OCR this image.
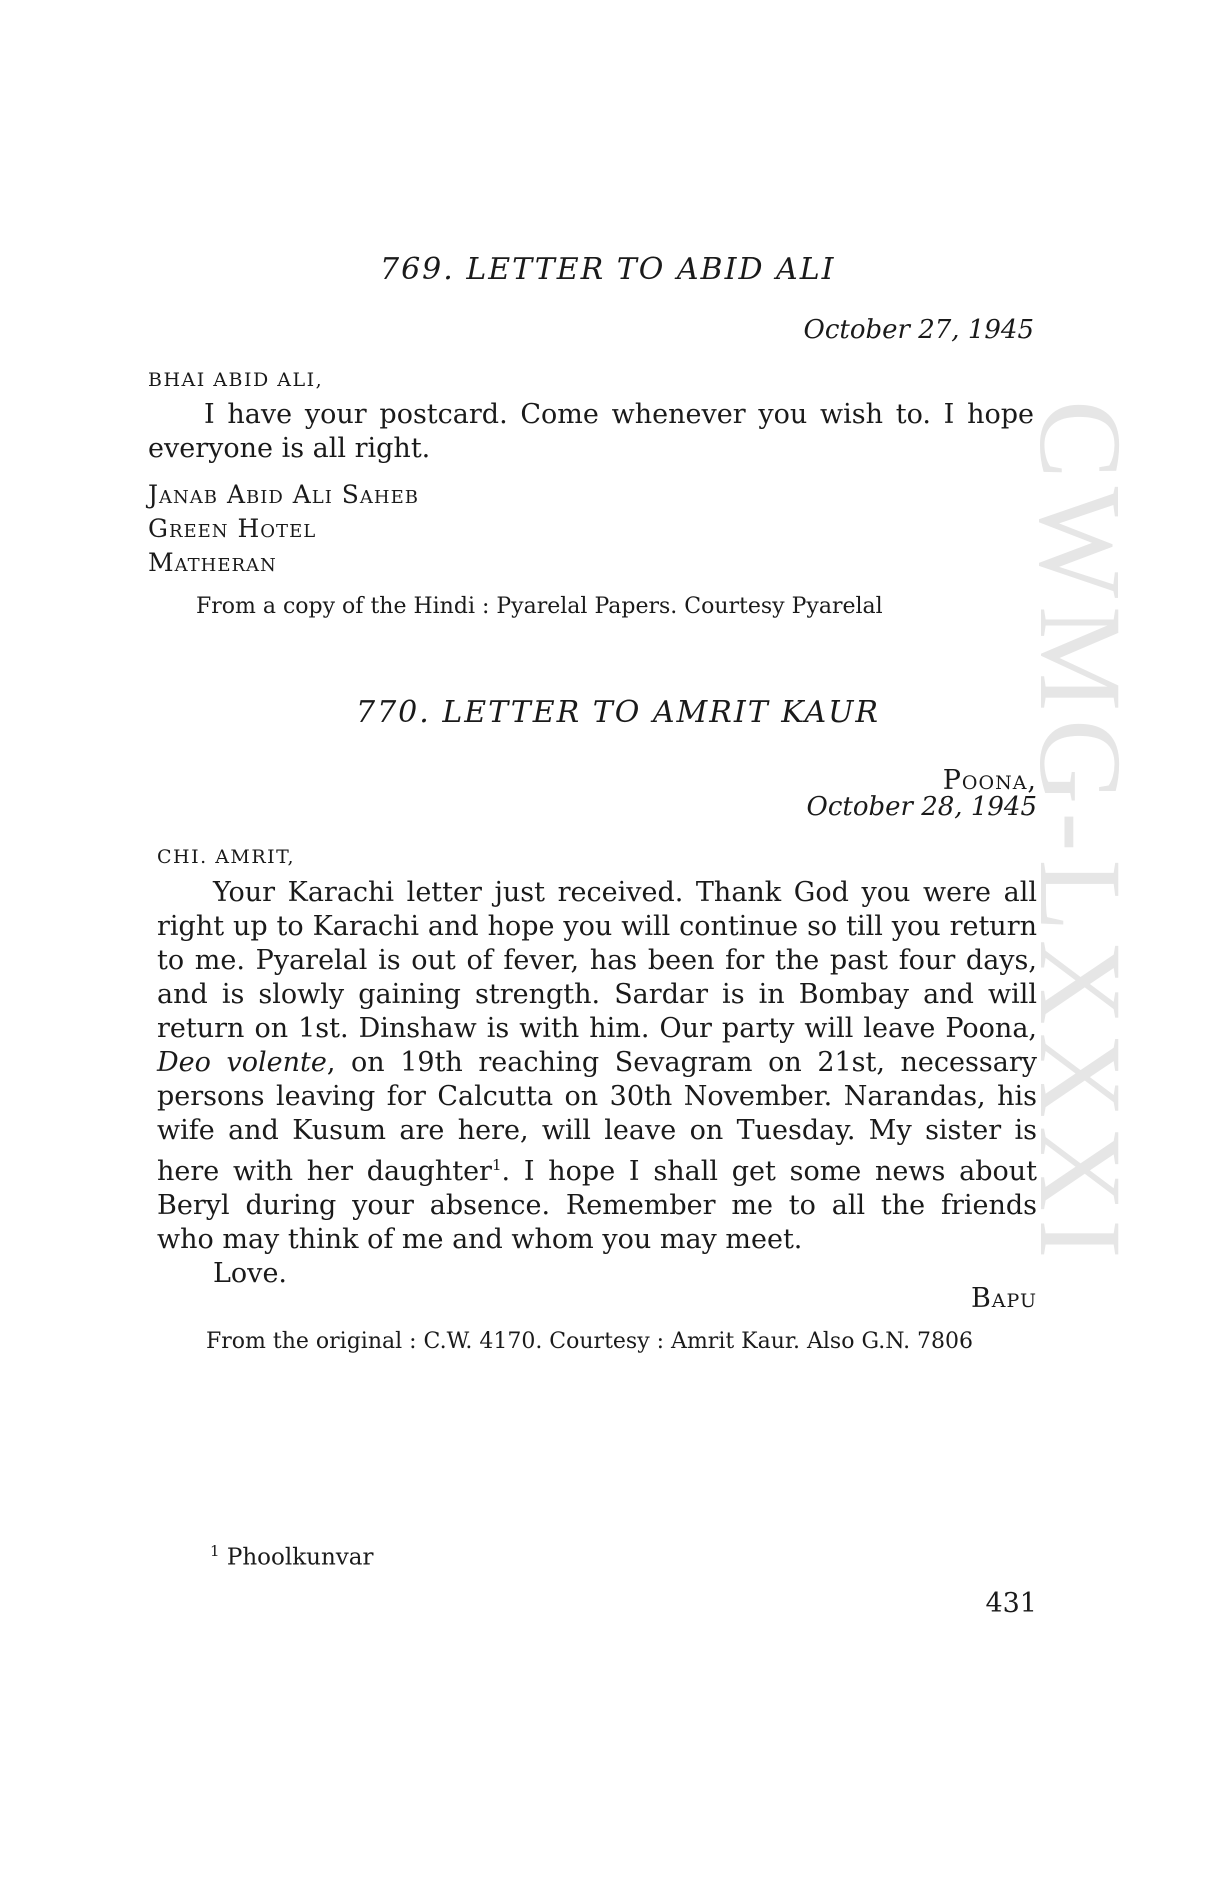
CWMG-LXXXI
769. LETTER TO ABID ALI
October 27, 1945
BHAI ABID ALI,

I have your postcard. Come whenever you wish to. I hope everyone is all right.

Janab Abid Ali Saheb
Green Hotel
Matheran
From a copy of the Hindi : Pyarelal Papers. Courtesy Pyarelal
770. LETTER TO AMRIT KAUR
Poona,
October 28, 1945
CHI. AMRIT,

Your Karachi letter just received. Thank God you were all right up to Karachi and hope you will continue so till you return to me. Pyarelal is out of fever, has been for the past four days, and is slowly gaining strength. Sardar is in Bombay and will return on 1st. Dinshaw is with him. Our party will leave Poona, Deo volente, on 19th reaching Sevagram on 21st, necessary persons leaving for Calcutta on 30th November. Narandas, his wife and Kusum are here, will leave on Tuesday. My sister is here with her daughter$^1$. I hope I shall get some news about Beryl during your absence. Remember me to all the friends who may think of me and whom you may meet.

Love.

Bapu
From the original : C.W. 4170. Courtesy : Amrit Kaur. Also G.N. 7806
$^1$ Phoolkunvar
431
